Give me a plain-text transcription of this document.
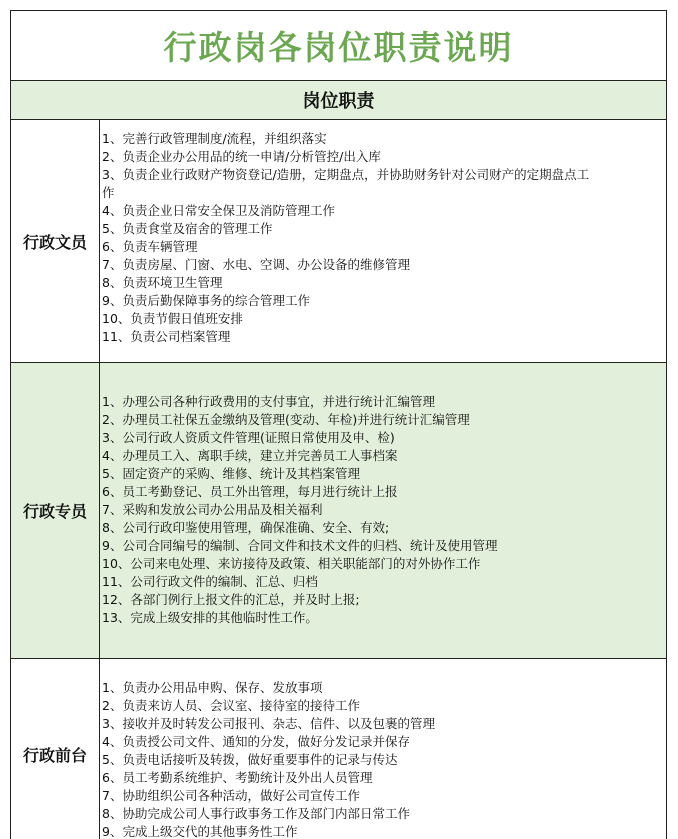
行政岗各岗位职责说明
岗位职责
行政文员
1、完善行政管理制度/流程，并组织落实
2、负责企业办公用品的统一申请/分析管控/出入库
3、负责企业行政财产物资登记/造册，定期盘点，并协助财务针对公司财产的定期盘点工作
4、负责企业日常安全保卫及消防管理工作
5、负责食堂及宿舍的管理工作
6、负责车辆管理
7、负责房屋、门窗、水电、空调、办公设备的维修管理
8、负责环境卫生管理
9、负责后勤保障事务的综合管理工作
10、负责节假日值班安排
11、负责公司档案管理
行政专员
1、办理公司各种行政费用的支付事宜，并进行统计汇编管理
2、办理员工社保五金缴纳及管理(变动、年检)并进行统计汇编管理
3、公司行政人资质文件管理(证照日常使用及申、检)
4、办理员工入、离职手续，建立并完善员工人事档案
5、固定资产的采购、维修、统计及其档案管理
6、员工考勤登记、员工外出管理，每月进行统计上报
7、采购和发放公司办公用品及相关福利
8、公司行政印鉴使用管理，确保准确、安全、有效;
9、公司合同编号的编制、合同文件和技术文件的归档、统计及使用管理
10、公司来电处理、来访接待及政策、相关职能部门的对外协作工作
11、公司行政文件的编制、汇总、归档
12、各部门例行上报文件的汇总，并及时上报;
13、完成上级安排的其他临时性工作。
行政前台
1、负责办公用品申购、保存、发放事项
2、负责来访人员、会议室、接待室的接待工作
3、接收并及时转发公司报刊、杂志、信件、以及包裹的管理
4、负责授公司文件、通知的分发，做好分发记录并保存
5、负责电话接听及转拨，做好重要事件的记录与传达
6、员工考勤系统维护、考勤统计及外出人员管理
7、协助组织公司各种活动，做好公司宣传工作
8、协助完成公司人事行政事务工作及部门内部日常工作
9、完成上级交代的其他事务性工作
